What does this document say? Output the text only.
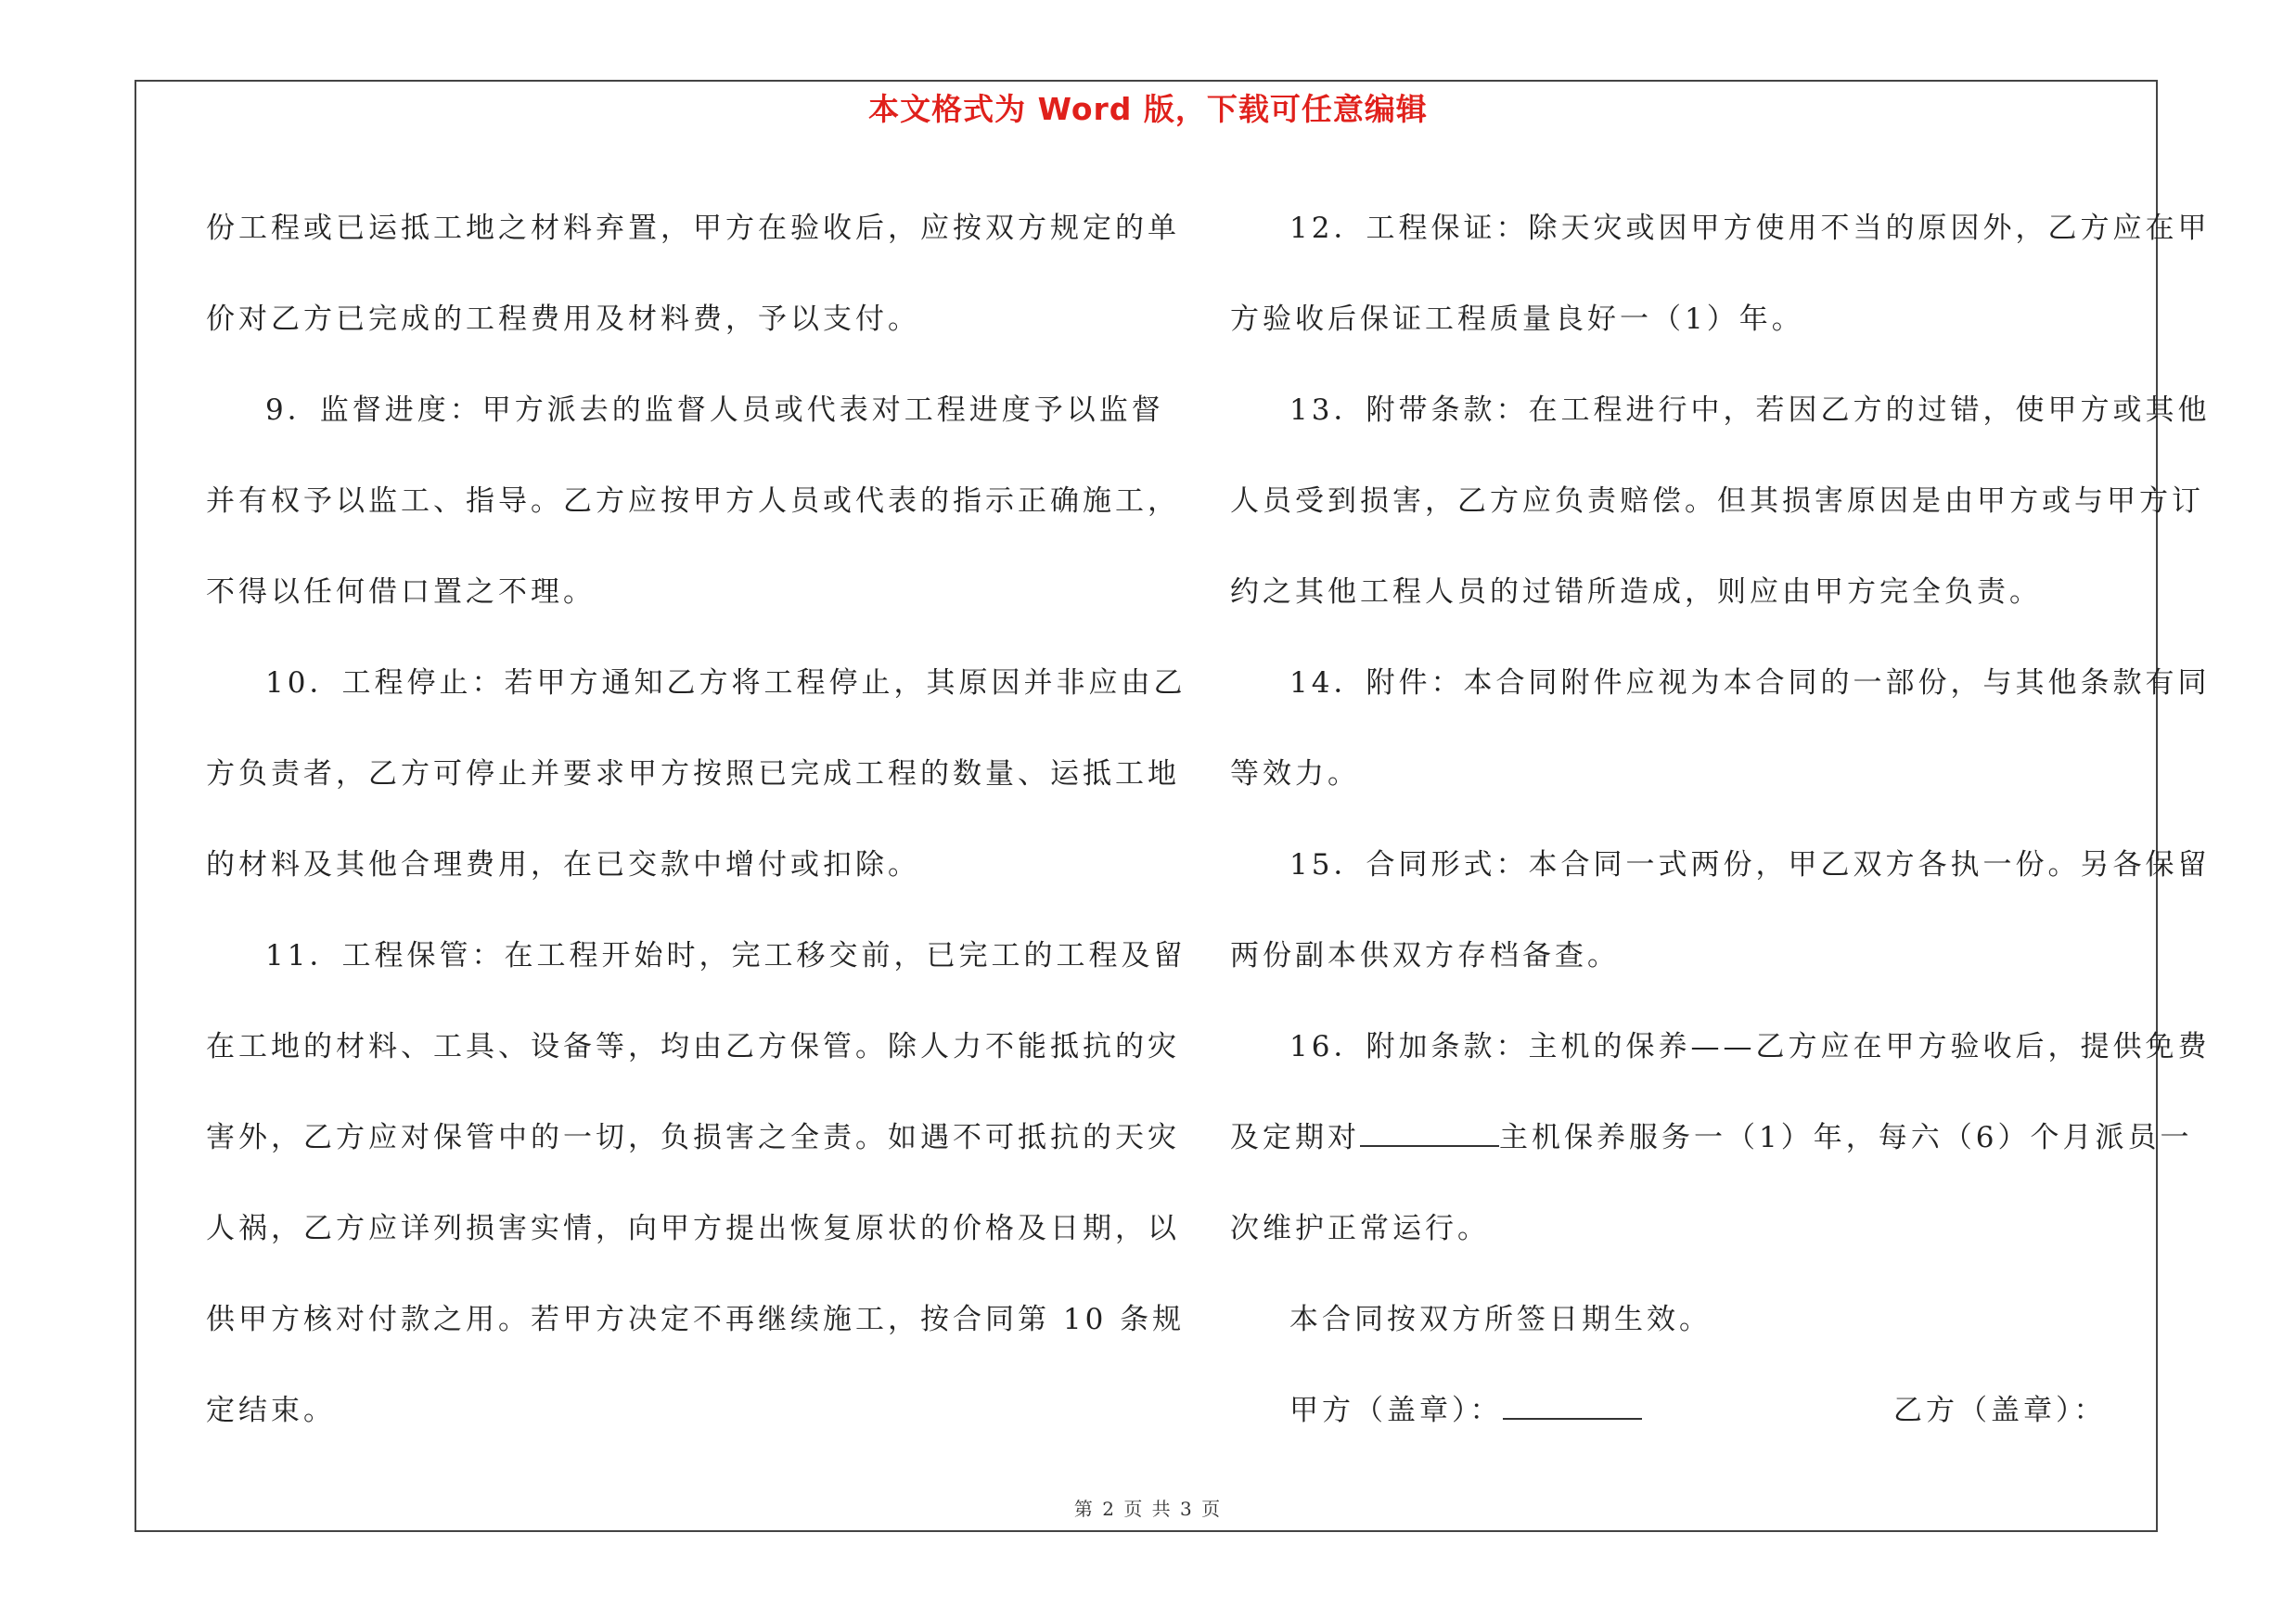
本文格式为 Word 版，下载可任意编辑
份工程或已运抵工地之材料弃置，甲方在验收后，应按双方规定的单
价对乙方已完成的工程费用及材料费，予以支付。
9．监督进度：甲方派去的监督人员或代表对工程进度予以监督
并有权予以监工、指导。乙方应按甲方人员或代表的指示正确施工，
不得以任何借口置之不理。
10．工程停止：若甲方通知乙方将工程停止，其原因并非应由乙
方负责者，乙方可停止并要求甲方按照已完成工程的数量、运抵工地
的材料及其他合理费用，在已交款中增付或扣除。
11．工程保管：在工程开始时，完工移交前，已完工的工程及留
在工地的材料、工具、设备等，均由乙方保管。除人力不能抵抗的灾
害外，乙方应对保管中的一切，负损害之全责。如遇不可抵抗的天灾
人祸，乙方应详列损害实情，向甲方提出恢复原状的价格及日期，以
供甲方核对付款之用。若甲方决定不再继续施工，按合同第 10 条规
定结束。
12．工程保证：除天灾或因甲方使用不当的原因外，乙方应在甲
方验收后保证工程质量良好一（1）年。
13．附带条款：在工程进行中，若因乙方的过错，使甲方或其他
人员受到损害，乙方应负责赔偿。但其损害原因是由甲方或与甲方订
约之其他工程人员的过错所造成，则应由甲方完全负责。
14．附件：本合同附件应视为本合同的一部份，与其他条款有同
等效力。
15．合同形式：本合同一式两份，甲乙双方各执一份。另各保留
两份副本供双方存档备查。
16．附加条款：主机的保养——乙方应在甲方验收后，提供免费
及定期对	主机保养服务一（1）年，每六（6）个月派员一
次维护正常运行。
本合同按双方所签日期生效。
甲方（盖章）：	乙方（盖章）：
第 2 页 共 3 页
